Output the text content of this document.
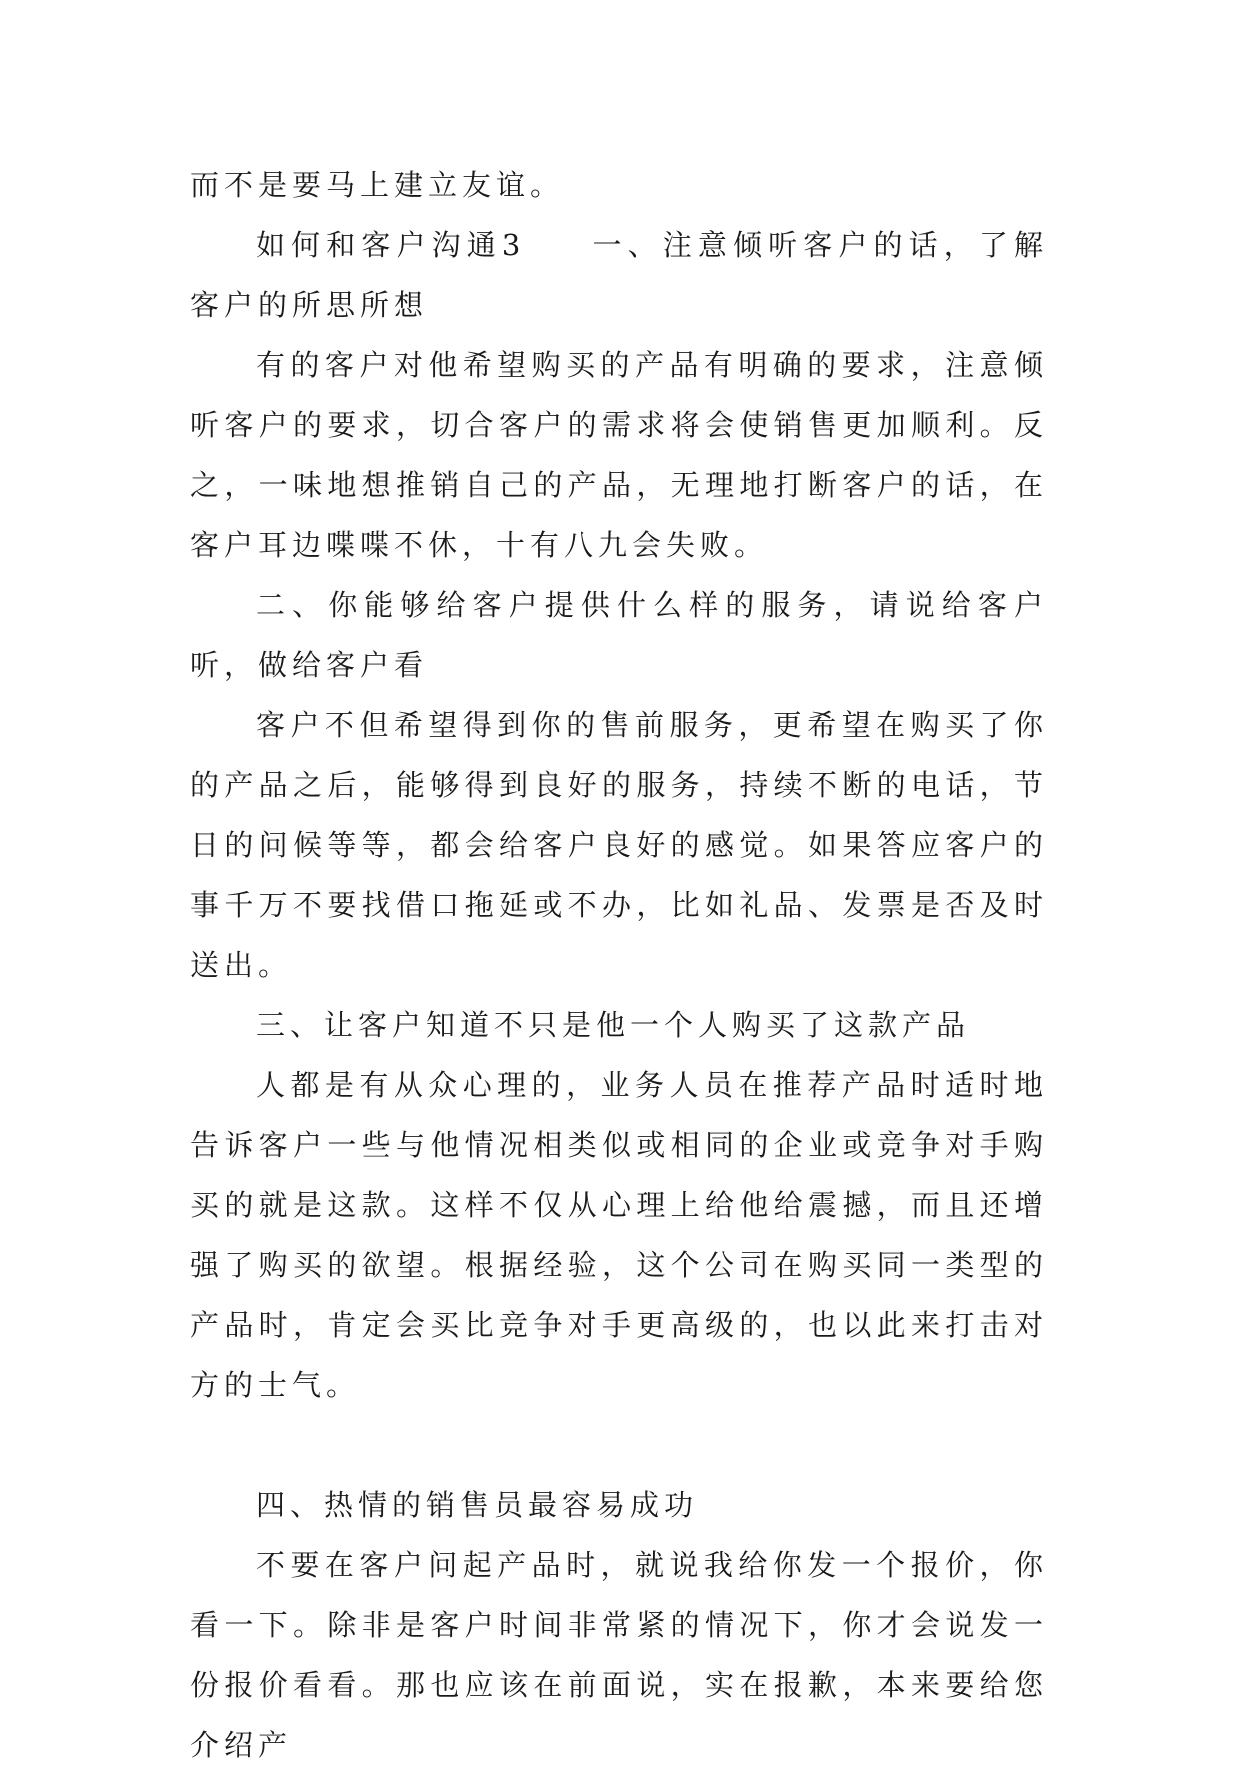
而不是要马上建立友谊。

如何和客户沟通3 一、注意倾听客户的话，了解客户的所思所想

有的客户对他希望购买的产品有明确的要求，注意倾听客户的要求，切合客户的需求将会使销售更加顺利。反之，一味地想推销自己的产品，无理地打断客户的话，在客户耳边喋喋不休，十有八九会失败。

二、你能够给客户提供什么样的服务，请说给客户听，做给客户看

客户不但希望得到你的售前服务，更希望在购买了你的产品之后，能够得到良好的服务，持续不断的电话，节日的问候等等，都会给客户良好的感觉。如果答应客户的事千万不要找借口拖延或不办，比如礼品、发票是否及时送出。

三、让客户知道不只是他一个人购买了这款产品

人都是有从众心理的，业务人员在推荐产品时适时地告诉客户一些与他情况相类似或相同的企业或竞争对手购买的就是这款。这样不仅从心理上给他给震撼，而且还增强了购买的欲望。根据经验，这个公司在购买同一类型的产品时，肯定会买比竞争对手更高级的，也以此来打击对方的士气。

四、热情的销售员最容易成功

不要在客户问起产品时，就说我给你发一个报价，你看一下。除非是客户时间非常紧的情况下，你才会说发一份报价看看。那也应该在前面说，实在报歉，本来要给您介绍产
